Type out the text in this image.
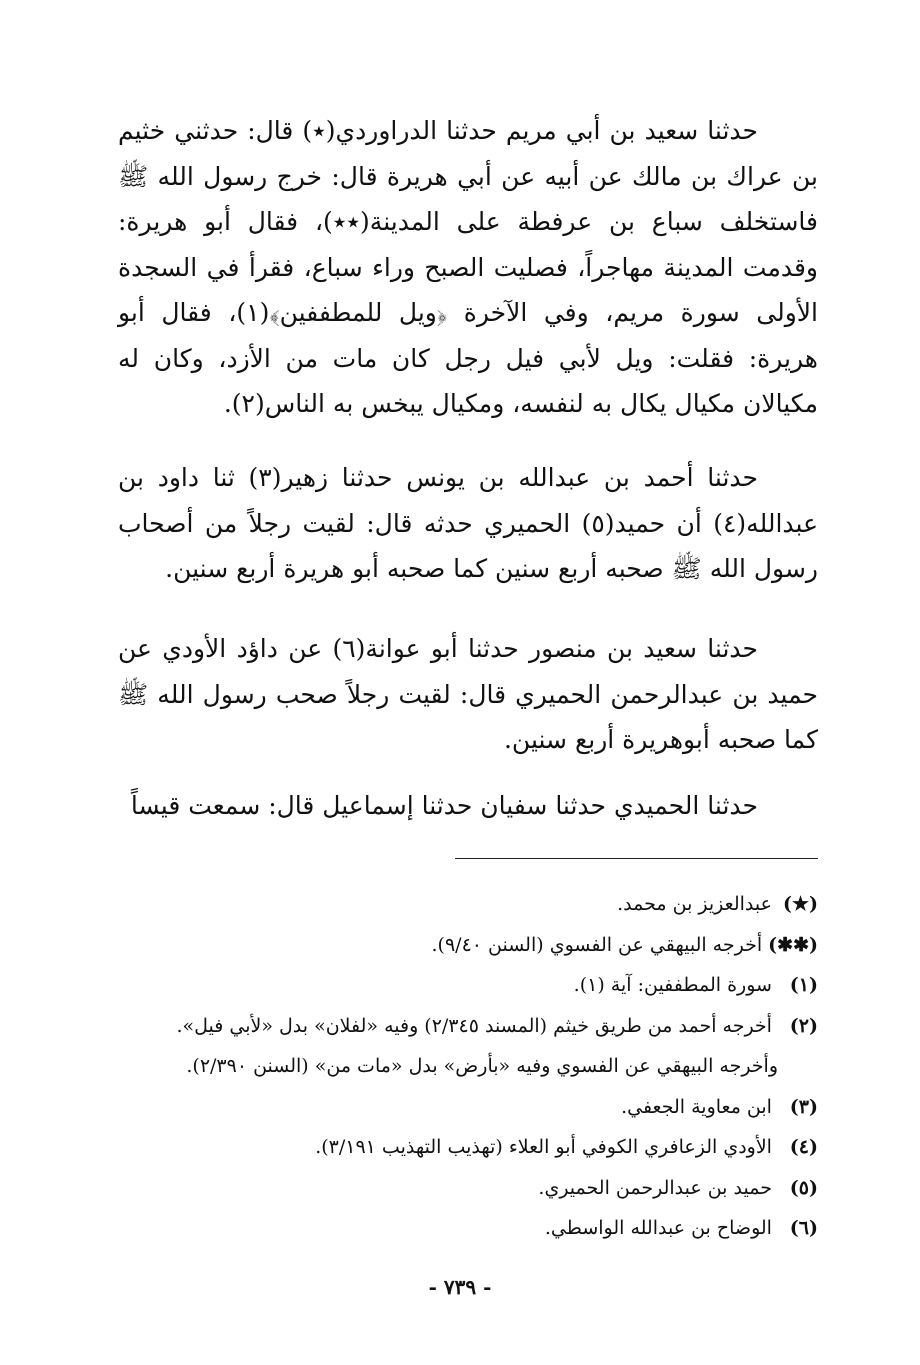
حدثنا سعيد بن أبي مريم حدثنا الدراوردي(٭) قال: حدثني خثيم بن عراك بن مالك عن أبيه عن أبي هريرة قال: خرج رسول الله ﷺ فاستخلف سباع بن عرفطة على المدينة(٭٭)، فقال أبو هريرة: وقدمت المدينة مهاجراً، فصليت الصبح وراء سباع، فقرأ في السجدة الأولى سورة مريم، وفي الآخرة ﴿ويل للمطففين﴾(١)، فقال أبو هريرة: فقلت: ويل لأبي فيل رجل كان مات من الأزد، وكان له مكيالان مكيال يكال به لنفسه، ومكيال يبخس به الناس(٢).

حدثنا أحمد بن عبدالله بن يونس حدثنا زهير(٣) ثنا داود بن عبدالله(٤) أن حميد(٥) الحميري حدثه قال: لقيت رجلاً من أصحاب رسول الله ﷺ صحبه أربع سنين كما صحبه أبو هريرة أربع سنين.

حدثنا سعيد بن منصور حدثنا أبو عوانة(٦) عن داؤد الأودي عن حميد بن عبدالرحمن الحميري قال: لقيت رجلاً صحب رسول الله ﷺ كما صحبه أبوهريرة أربع سنين.

حدثنا الحميدي حدثنا سفيان حدثنا إسماعيل قال: سمعت قيساً

(★) عبدالعزيز بن محمد.
(✱✱) أخرجه البيهقي عن الفسوي (السنن ٩/٤٠).
(١) سورة المطففين: آية (١).
(٢) أخرجه أحمد من طريق خيثم (المسند ٢/٣٤٥) وفيه «لفلان» بدل «لأبي فيل».
وأخرجه البيهقي عن الفسوي وفيه «بأرض» بدل «مات من» (السنن ٢/٣٩٠).
(٣) ابن معاوية الجعفي.
(٤) الأودي الزعافري الكوفي أبو العلاء (تهذيب التهذيب ٣/١٩١).
(٥) حميد بن عبدالرحمن الحميري.
(٦) الوضاح بن عبدالله الواسطي.
- ٧٣٩ -
